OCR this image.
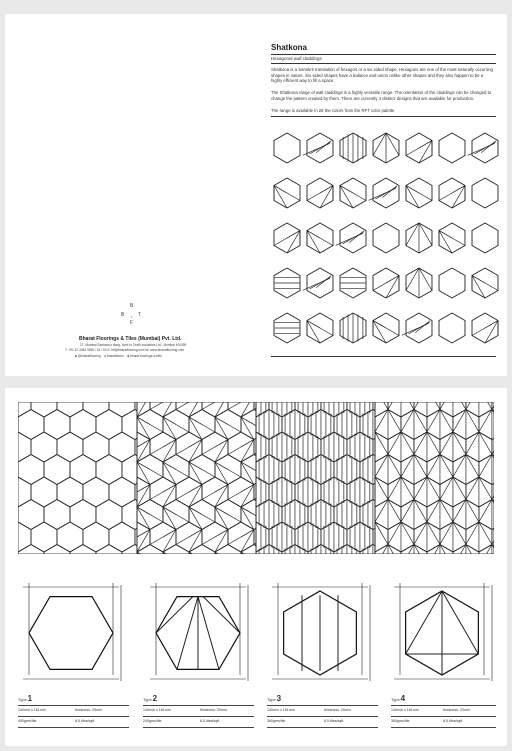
Shatkona
Hexagonal wall claddings

Shatkona is a Sanskrit translation of hexagon or a six sided shape. Hexagons are one of the most naturally occurring shapes in nature. Six sided shapes have a balance and union unlike other shapes and they also happen to be a highly efficient way to fill a space.

The Shatkona range of wall claddings is a highly versatile range. The orientation of the claddings can be changed to change the pattern created by them. There are currently 4 distinct designs that are available for production.

The range is available in 26 the colors from the RFT color palette

B
B • T
F
Bharat Floorings & Tiles (Mumbai) Pvt. Ltd.
27, Mumbai Santacruz Marg, Next to Tirath Industries Ltd., Mumbai 400059
T: +91 22 4063 9650 / 51 / 53 E: bft@bharatflooring.com W: www.bharatflooring.com
■ @bharatflooring ● bharatfloors ■ bharat-floorings-a-tiles
Type1
140mm x 161mm	thickness: 25mm
400gms/tile	8.5 tiles/sqft.
Type2
140mm x 161mm	thickness: 20mm
240gms/tile	8.5 tiles/sqft.
Type3
140mm x 161mm	thickness: 20mm
360gms/tile	8.5 tiles/sqft.
Type4
140mm x 161mm	thickness: 20mm
360gms/tile	8.5 tiles/sqft.
